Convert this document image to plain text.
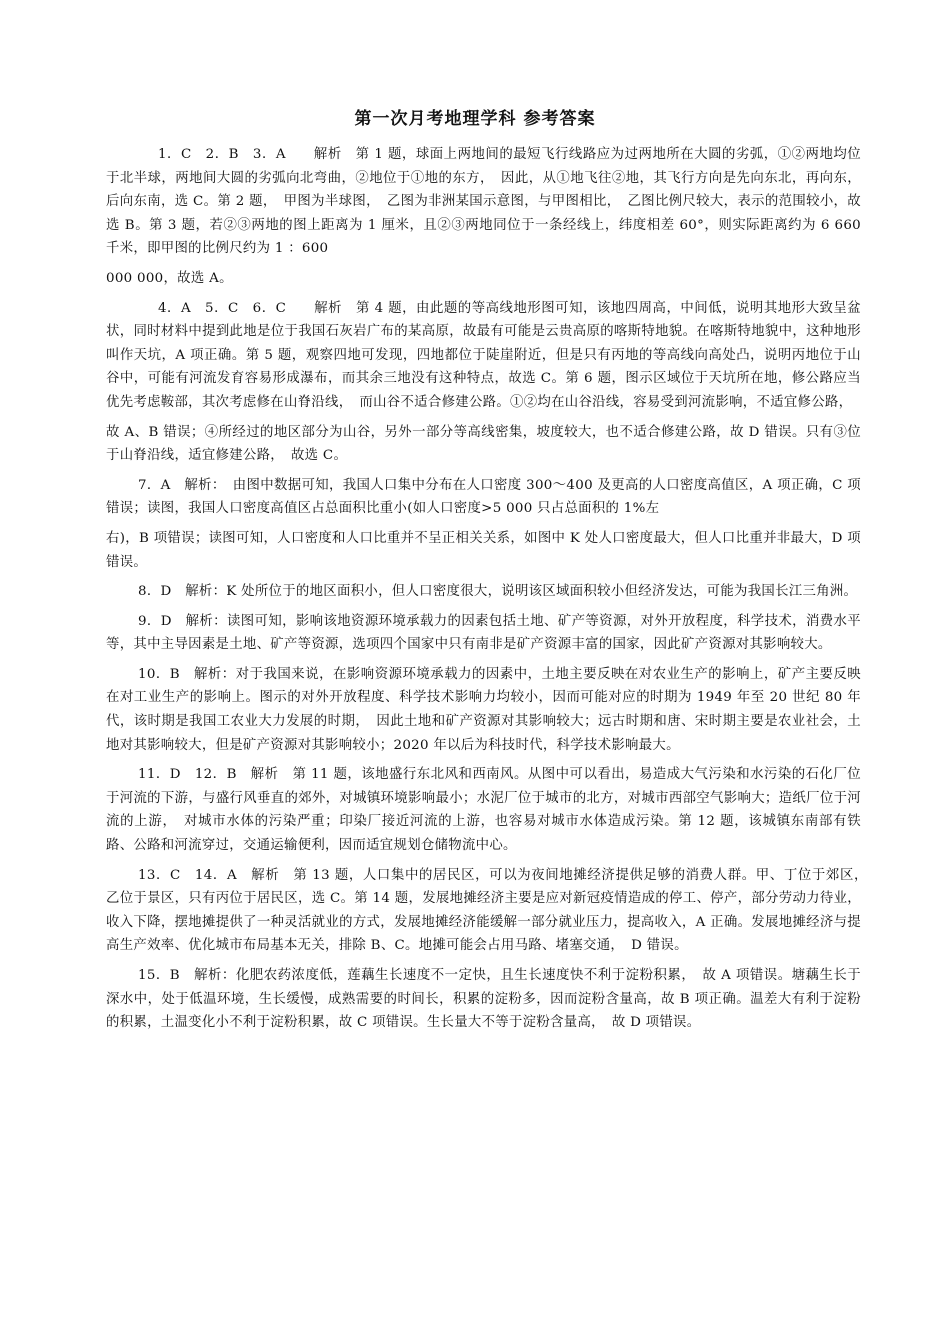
第一次月考地理学科 参考答案

1．C　2．B　3．A　　解析　第 1 题，球面上两地间的最短飞行线路应为过两地所在大圆的劣弧，①②两地均位于北半球，两地间大圆的劣弧向北弯曲，②地位于①地的东方，　因此，从①地飞往②地，其飞行方向是先向东北，再向东，后向东南，选 C。第 2 题，　甲图为半球图，　乙图为非洲某国示意图，与甲图相比，　乙图比例尺较大，表示的范围较小，故选 B。第 3 题，若②③两地的图上距离为 1 厘米，且②③两地同位于一条经线上，纬度相差 60°，则实际距离约为 6 660 千米，即甲图的比例尺约为 1 ：600

000 000，故选 A。

4．A　5．C　6．C　　解析　第 4 题，由此题的等高线地形图可知，该地四周高，中间低，说明其地形大致呈盆状，同时材料中提到此地是位于我国石灰岩广布的某高原，故最有可能是云贵高原的喀斯特地貌。在喀斯特地貌中，这种地形叫作天坑，A 项正确。第 5 题，观察四地可发现，四地都位于陡崖附近，但是只有丙地的等高线向高处凸，说明丙地位于山谷中，可能有河流发育容易形成瀑布，而其余三地没有这种特点，故选 C。第 6 题，图示区域位于天坑所在地，修公路应当优先考虑鞍部，其次考虑修在山脊沿线，　而山谷不适合修建公路。①②均在山谷沿线，容易受到河流影响，不适宜修公路，

故 A、B 错误；④所经过的地区部分为山谷，另外一部分等高线密集，坡度较大，也不适合修建公路，故 D 错误。只有③位于山脊沿线，适宜修建公路，　故选 C。

7．A　解析：　由图中数据可知，我国人口集中分布在人口密度 300～400 及更高的人口密度高值区，A 项正确，C 项错误；读图，我国人口密度高值区占总面积比重小(如人口密度>5 000 只占总面积的 1%左

右)，B 项错误；读图可知，人口密度和人口比重并不呈正相关关系，如图中 K 处人口密度最大，但人口比重并非最大，D 项错误。

8．D　解析：K 处所位于的地区面积小，但人口密度很大，说明该区域面积较小但经济发达，可能为我国长江三角洲。

9．D　解析：读图可知，影响该地资源环境承载力的因素包括土地、矿产等资源，对外开放程度，科学技术，消费水平等，其中主导因素是土地、矿产等资源，选项四个国家中只有南非是矿产资源丰富的国家，因此矿产资源对其影响较大。

10．B　解析：对于我国来说，在影响资源环境承载力的因素中，土地主要反映在对农业生产的影响上，矿产主要反映在对工业生产的影响上。图示的对外开放程度、科学技术影响力均较小，因而可能对应的时期为 1949 年至 20 世纪 80 年代，该时期是我国工农业大力发展的时期，　因此土地和矿产资源对其影响较大；远古时期和唐、宋时期主要是农业社会，土地对其影响较大，但是矿产资源对其影响较小；2020 年以后为科技时代，科学技术影响最大。

11．D　12．B　解析　第 11 题，该地盛行东北风和西南风。从图中可以看出，易造成大气污染和水污染的石化厂位于河流的下游，与盛行风垂直的郊外，对城镇环境影响最小；水泥厂位于城市的北方，对城市西部空气影响大；造纸厂位于河流的上游，　对城市水体的污染严重；印染厂接近河流的上游，也容易对城市水体造成污染。第 12 题，该城镇东南部有铁路、公路和河流穿过，交通运输便利，因而适宜规划仓储物流中心。

13．C　14．A　解析　第 13 题，人口集中的居民区，可以为夜间地摊经济提供足够的消费人群。甲、丁位于郊区，　乙位于景区，只有丙位于居民区，选 C。第 14 题，发展地摊经济主要是应对新冠疫情造成的停工、停产，部分劳动力待业，收入下降，摆地摊提供了一种灵活就业的方式，发展地摊经济能缓解一部分就业压力，提高收入，A 正确。发展地摊经济与提高生产效率、优化城市布局基本无关，排除 B、C。地摊可能会占用马路、堵塞交通，　D 错误。

15．B　解析：化肥农药浓度低，莲藕生长速度不一定快，且生长速度快不利于淀粉积累，　故 A 项错误。塘藕生长于深水中，处于低温环境，生长缓慢，成熟需要的时间长，积累的淀粉多，因而淀粉含量高，故 B 项正确。温差大有利于淀粉的积累，土温变化小不利于淀粉积累，故 C 项错误。生长量大不等于淀粉含量高，　故 D 项错误。
